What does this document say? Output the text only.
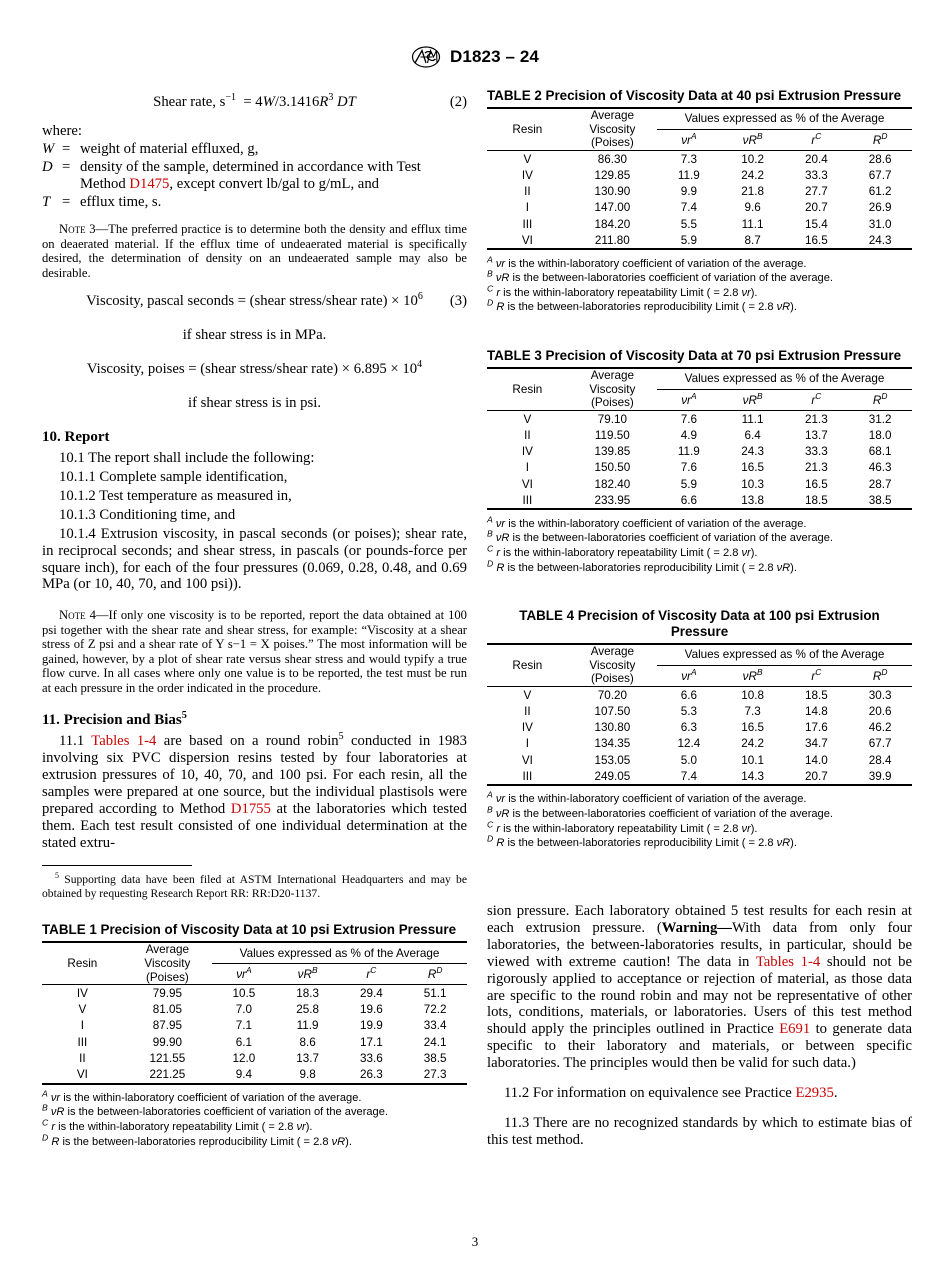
D1823 – 24
Shear rate, $s^{-1} = 4W/3.1416R^3$ DT	(2)
where:
W	=	weight of material effluxed, g,
D	=	density of the sample, determined in accordance with Test Method D1475, except convert lb/gal to g/mL, and
T	=	efflux time, s.
Note 3—The preferred practice is to determine both the density and efflux time on deaerated material. If the efflux time of undeaerated material is specifically desired, the determination of density on an undeaerated sample may also be desirable.
Viscosity, pascal seconds = (shear stress/shear rate) × $10^6$ (3)
if shear stress is in MPa.
Viscosity, poises = (shear stress/shear rate) × $6.895 \times 10^4$
if shear stress is in psi.
10. Report
10.1 The report shall include the following:
10.1.1 Complete sample identification,
10.1.2 Test temperature as measured in,
10.1.3 Conditioning time, and
10.1.4 Extrusion viscosity, in pascal seconds (or poises); shear rate, in reciprocal seconds; and shear stress, in pascals (or pounds-force per square inch), for each of the four pressures (0.069, 0.28, 0.48, and 0.69 MPa (or 10, 40, 70, and 100 psi)).
Note 4—If only one viscosity is to be reported, report the data obtained at 100 psi together with the shear rate and shear stress, for example: “Viscosity at a shear stress of Z psi and a shear rate of Y s−1 = X poises.” The most information will be gained, however, by a plot of shear rate versus shear stress and would typify a true flow curve. In all cases where only one value is to be reported, the test must be run at each pressure in the order indicated in the procedure.
11. Precision and Bias$^5$
11.1 Tables 1-4 are based on a round robin$^5$ conducted in 1983 involving six PVC dispersion resins tested by four laboratories at extrusion pressures of 10, 40, 70, and 100 psi. For each resin, all the samples were prepared at one source, but the individual plastisols were prepared according to Method D1755 at the laboratories which tested them. Each test result consisted of one individual determination at the stated extru-
$^5$ Supporting data have been filed at ASTM International Headquarters and may be obtained by requesting Research Report RR: RR:D20-1137.
TABLE 1 Precision of Viscosity Data at 10 psi Extrusion Pressure

Resin	Average
Viscosity
(Poises)	Values expressed as % of the Average			
		$\nu r^A$	$\nu R^B$	$r^C$	$R^D$

IV	79.95	10.5	18.3	29.4	51.1
V	81.05	7.0	25.8	19.6	72.2
I	87.95	7.1	11.9	19.9	33.4
III	99.90	6.1	8.6	17.1	24.1
II	121.55	12.0	13.7	33.6	38.5
VI	221.25	9.4	9.8	26.3	27.3

$^A$ νr is the within-laboratory coefficient of variation of the average.
$^B$ νR is the between-laboratories coefficient of variation of the average.
$^C$ r is the within-laboratory repeatability Limit ( = 2.8 νr).
$^D$ R is the between-laboratories reproducibility Limit ( = 2.8 νR).
TABLE 2 Precision of Viscosity Data at 40 psi Extrusion Pressure

Resin	Average
Viscosity
(Poises)	Values expressed as % of the Average			
		$\nu r^A$	$\nu R^B$	$r^C$	$R^D$

V	86.30	7.3	10.2	20.4	28.6
IV	129.85	11.9	24.2	33.3	67.7
II	130.90	9.9	21.8	27.7	61.2
I	147.00	7.4	9.6	20.7	26.9
III	184.20	5.5	11.1	15.4	31.0
VI	211.80	5.9	8.7	16.5	24.3

$^A$ νr is the within-laboratory coefficient of variation of the average.
$^B$ νR is the between-laboratories coefficient of variation of the average.
$^C$ r is the within-laboratory repeatability Limit ( = 2.8 νr).
$^D$ R is the between-laboratories reproducibility Limit ( = 2.8 νR).
TABLE 3 Precision of Viscosity Data at 70 psi Extrusion Pressure

Resin	Average
Viscosity
(Poises)	Values expressed as % of the Average			
		$\nu r^A$	$\nu R^B$	$r^C$	$R^D$

V	79.10	7.6	11.1	21.3	31.2
II	119.50	4.9	6.4	13.7	18.0
IV	139.85	11.9	24.3	33.3	68.1
I	150.50	7.6	16.5	21.3	46.3
VI	182.40	5.9	10.3	16.5	28.7
III	233.95	6.6	13.8	18.5	38.5

$^A$ νr is the within-laboratory coefficient of variation of the average.
$^B$ νR is the between-laboratories coefficient of variation of the average.
$^C$ r is the within-laboratory repeatability Limit ( = 2.8 νr).
$^D$ R is the between-laboratories reproducibility Limit ( = 2.8 νR).
TABLE 4 Precision of Viscosity Data at 100 psi Extrusion
Pressure

Resin	Average
Viscosity
(Poises)	Values expressed as % of the Average			
		$\nu r^A$	$\nu R^B$	$r^C$	$R^D$

V	70.20	6.6	10.8	18.5	30.3
II	107.50	5.3	7.3	14.8	20.6
IV	130.80	6.3	16.5	17.6	46.2
I	134.35	12.4	24.2	34.7	67.7
VI	153.05	5.0	10.1	14.0	28.4
III	249.05	7.4	14.3	20.7	39.9

$^A$ νr is the within-laboratory coefficient of variation of the average.
$^B$ νR is the between-laboratories coefficient of variation of the average.
$^C$ r is the within-laboratory repeatability Limit ( = 2.8 νr).
$^D$ R is the between-laboratories reproducibility Limit ( = 2.8 νR).
sion pressure. Each laboratory obtained 5 test results for each resin at each extrusion pressure. (Warning—With data from only four laboratories, the between-laboratories results, in particular, should be viewed with extreme caution! The data in Tables 1-4 should not be rigorously applied to acceptance or rejection of material, as those data are specific to the round robin and may not be representative of other lots, conditions, materials, or laboratories. Users of this test method should apply the principles outlined in Practice E691 to generate data specific to their laboratory and materials, or between specific laboratories. The principles would then be valid for such data.)
11.2 For information on equivalence see Practice E2935.
11.3 There are no recognized standards by which to estimate bias of this test method.
3
